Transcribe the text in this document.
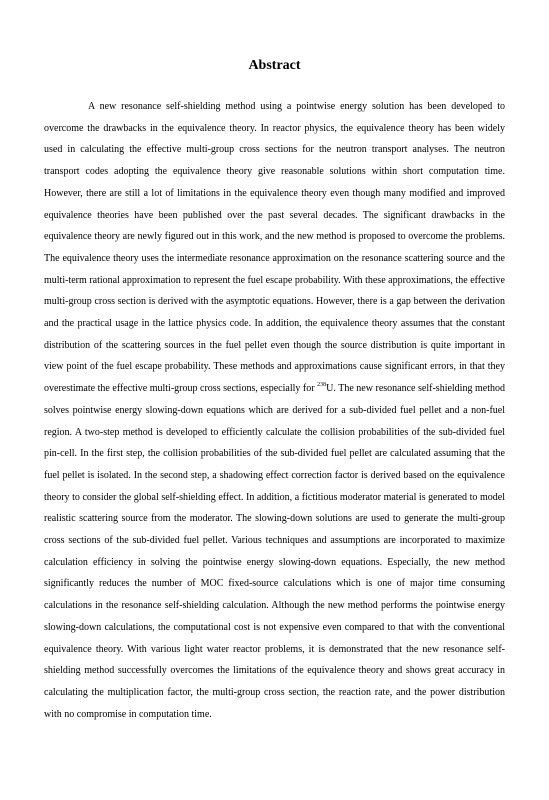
Abstract

A new resonance self-shielding method using a pointwise energy solution has been developed to overcome the drawbacks in the equivalence theory. In reactor physics, the equivalence theory has been widely used in calculating the effective multi-group cross sections for the neutron transport analyses. The neutron transport codes adopting the equivalence theory give reasonable solutions within short computation time. However, there are still a lot of limitations in the equivalence theory even though many modified and improved equivalence theories have been published over the past several decades. The significant drawbacks in the equivalence theory are newly figured out in this work, and the new method is proposed to overcome the problems. The equivalence theory uses the intermediate resonance approximation on the resonance scattering source and the multi-term rational approximation to represent the fuel escape probability. With these approximations, the effective multi-group cross section is derived with the asymptotic equations. However, there is a gap between the derivation and the practical usage in the lattice physics code. In addition, the equivalence theory assumes that the constant distribution of the scattering sources in the fuel pellet even though the source distribution is quite important in view point of the fuel escape probability. These methods and approximations cause significant errors, in that they overestimate the effective multi-group cross sections, especially for $^{238}$U. The new resonance self-shielding method solves pointwise energy slowing-down equations which are derived for a sub-divided fuel pellet and a non-fuel region. A two-step method is developed to efficiently calculate the collision probabilities of the sub-divided fuel pin-cell. In the first step, the collision probabilities of the sub-divided fuel pellet are calculated assuming that the fuel pellet is isolated. In the second step, a shadowing effect correction factor is derived based on the equivalence theory to consider the global self-shielding effect. In addition, a fictitious moderator material is generated to model realistic scattering source from the moderator. The slowing-down solutions are used to generate the multi-group cross sections of the sub-divided fuel pellet. Various techniques and assumptions are incorporated to maximize calculation efficiency in solving the pointwise energy slowing-down equations. Especially, the new method significantly reduces the number of MOC fixed-source calculations which is one of major time consuming calculations in the resonance self-shielding calculation. Although the new method performs the pointwise energy slowing-down calculations, the computational cost is not expensive even compared to that with the conventional equivalence theory. With various light water reactor problems, it is demonstrated that the new resonance self-shielding method successfully overcomes the limitations of the equivalence theory and shows great accuracy in calculating the multiplication factor, the multi-group cross section, the reaction rate, and the power distribution with no compromise in computation time.
